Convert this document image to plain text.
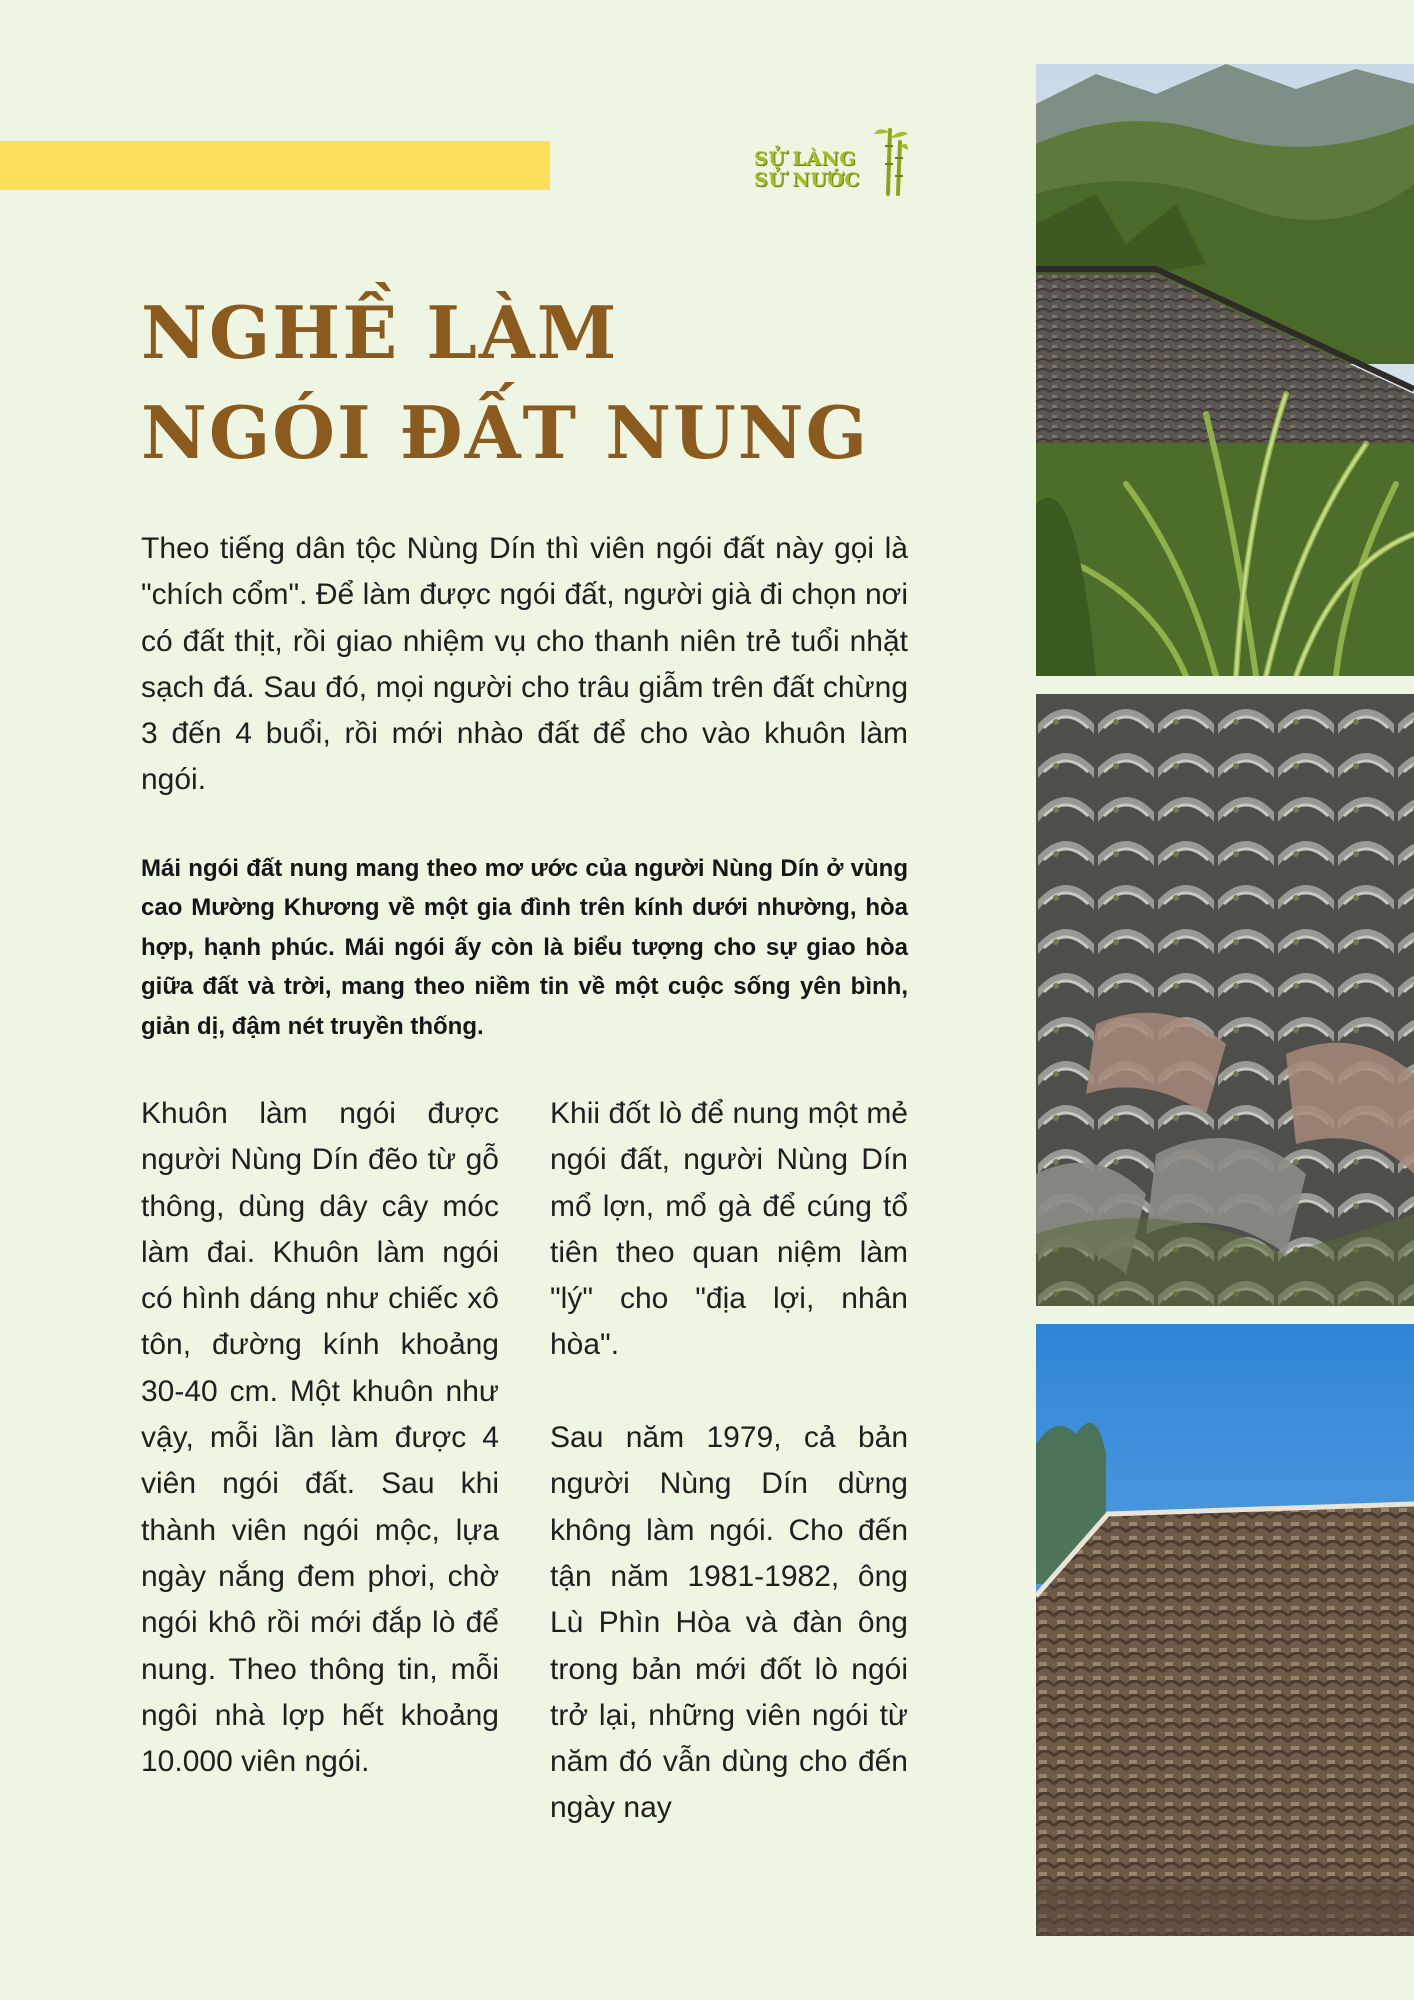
SỬ LÀNG
SỬ NƯỚC
NGHỀ LÀM
NGÓI ĐẤT NUNG

Theo tiếng dân tộc Nùng Dín thì viên ngói đất này gọi là "chích cổm". Để làm được ngói đất, người già đi chọn nơi có đất thịt, rồi giao nhiệm vụ cho thanh niên trẻ tuổi nhặt sạch đá. Sau đó, mọi người cho trâu giẫm trên đất chừng 3 đến 4 buổi, rồi mới nhào đất để cho vào khuôn làm ngói.

Mái ngói đất nung mang theo mơ ước của người Nùng Dín ở vùng cao Mường Khương về một gia đình trên kính dưới nhường, hòa hợp, hạnh phúc. Mái ngói ấy còn là biểu tượng cho sự giao hòa giữa đất và trời, mang theo niềm tin về một cuộc sống yên bình, giản dị, đậm nét truyền thống.

Khuôn làm ngói được người Nùng Dín đẽo từ gỗ thông, dùng dây cây móc làm đai. Khuôn làm ngói có hình dáng như chiếc xô tôn, đường kính khoảng 30-40 cm. Một khuôn như vậy, mỗi lần làm được 4 viên ngói đất. Sau khi thành viên ngói mộc, lựa ngày nắng đem phơi, chờ ngói khô rồi mới đắp lò để nung. Theo thông tin, mỗi ngôi nhà lợp hết khoảng 10.000 viên ngói.

Khii đốt lò để nung một mẻ ngói đất, người Nùng Dín mổ lợn, mổ gà để cúng tổ tiên theo quan niệm làm "lý" cho "địa lợi, nhân hòa".

Sau năm 1979, cả bản người Nùng Dín dừng không làm ngói. Cho đến tận năm 1981-1982, ông Lù Phìn Hòa và đàn ông trong bản mới đốt lò ngói trở lại, những viên ngói từ năm đó vẫn dùng cho đến ngày nay
